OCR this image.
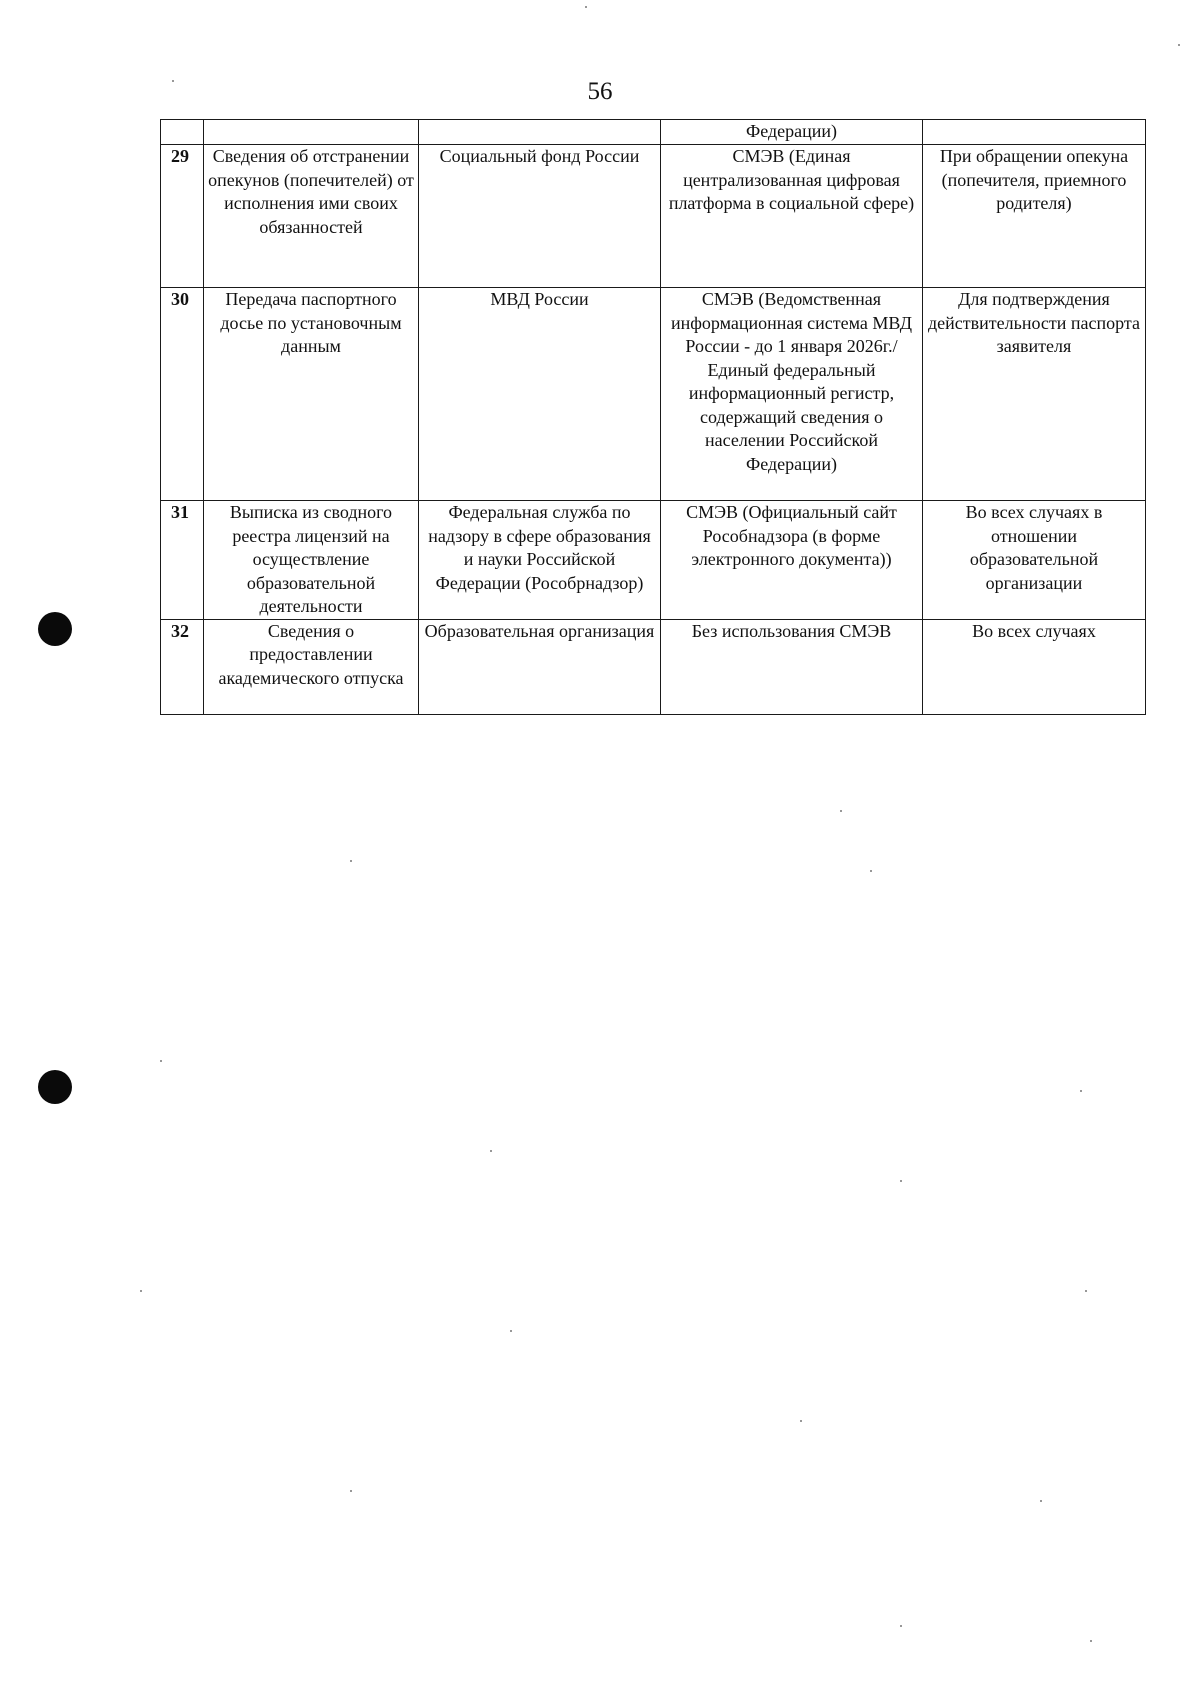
56
			Федерации)	
29	Сведения об отстранении опекунов (попечителей) от исполнения ими своих обязанностей	Социальный фонд России	СМЭВ (Единая централизованная цифровая платформа в социальной сфере)	При обращении опекуна (попечителя, приемного родителя)
30	Передача паспортного досье по установочным данным	МВД России	СМЭВ (Ведомственная информационная система МВД России - до 1 января 2026г./Единый федеральный информационный регистр, содержащий сведения о населении Российской Федерации)	Для подтверждения действительности паспорта заявителя
31	Выписка из сводного реестра лицензий на осуществление образовательной деятельности	Федеральная служба по надзору в сфере образования и науки Российской Федерации (Рособрнадзор)	СМЭВ (Официальный сайт Рособнадзора (в форме электронного документа))	Во всех случаях в отношении образовательной организации
32	Сведения о предоставлении академического отпуска	Образовательная организация	Без использования СМЭВ	Во всех случаях
